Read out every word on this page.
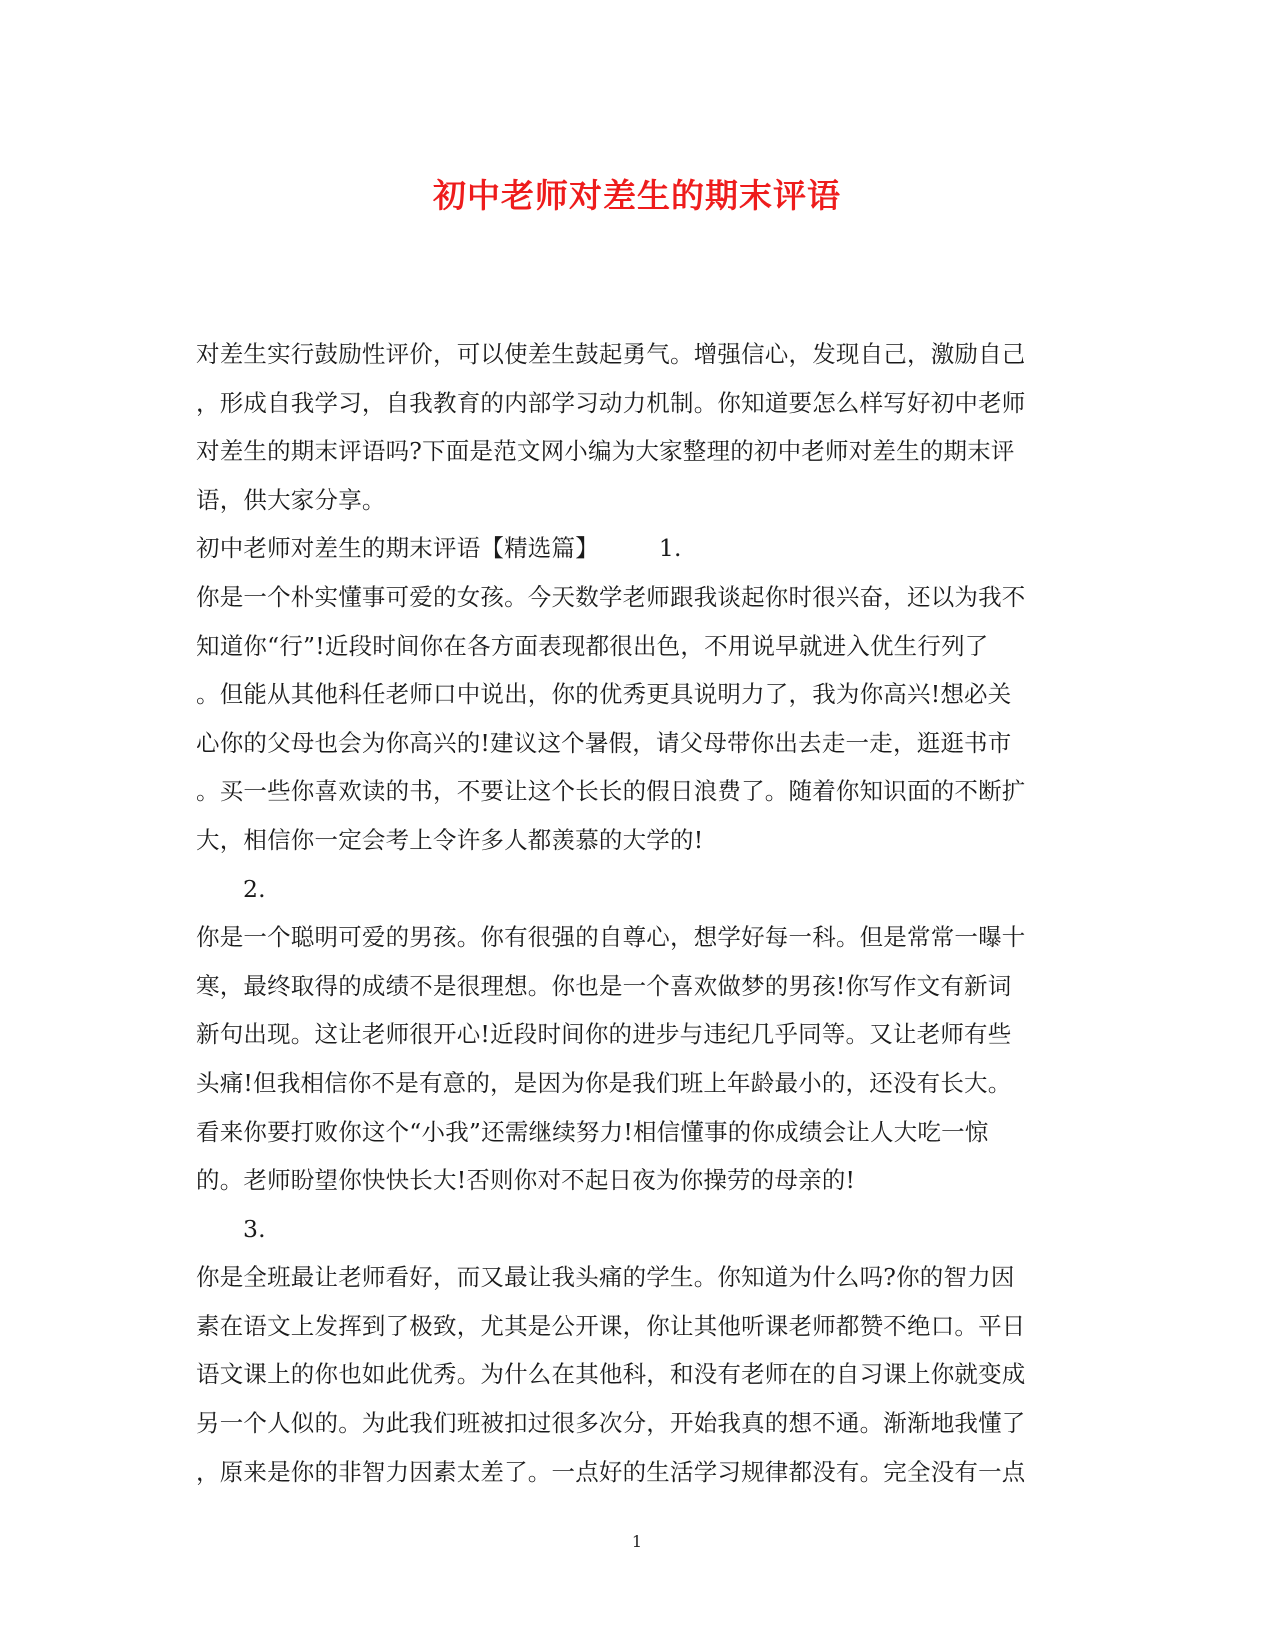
初中老师对差生的期末评语
对差生实行鼓励性评价，可以使差生鼓起勇气。增强信心，发现自己，激励自己
，形成自我学习，自我教育的内部学习动力机制。你知道要怎么样写好初中老师
对差生的期末评语吗?下面是范文网小编为大家整理的初中老师对差生的期末评
语，供大家分享。
初中老师对差生的期末评语【精选篇】	1.
你是一个朴实懂事可爱的女孩。今天数学老师跟我谈起你时很兴奋，还以为我不
知道你“行”!近段时间你在各方面表现都很出色，不用说早就进入优生行列了
。但能从其他科任老师口中说出，你的优秀更具说明力了，我为你高兴!想必关
心你的父母也会为你高兴的!建议这个暑假，请父母带你出去走一走，逛逛书市
。买一些你喜欢读的书，不要让这个长长的假日浪费了。随着你知识面的不断扩
大，相信你一定会考上令许多人都羡慕的大学的!
2.
你是一个聪明可爱的男孩。你有很强的自尊心，想学好每一科。但是常常一曝十
寒，最终取得的成绩不是很理想。你也是一个喜欢做梦的男孩!你写作文有新词
新句出现。这让老师很开心!近段时间你的进步与违纪几乎同等。又让老师有些
头痛!但我相信你不是有意的，是因为你是我们班上年龄最小的，还没有长大。
看来你要打败你这个“小我”还需继续努力!相信懂事的你成绩会让人大吃一惊
的。老师盼望你快快长大!否则你对不起日夜为你操劳的母亲的!
3.
你是全班最让老师看好，而又最让我头痛的学生。你知道为什么吗?你的智力因
素在语文上发挥到了极致，尤其是公开课，你让其他听课老师都赞不绝口。平日
语文课上的你也如此优秀。为什么在其他科，和没有老师在的自习课上你就变成
另一个人似的。为此我们班被扣过很多次分，开始我真的想不通。渐渐地我懂了
，原来是你的非智力因素太差了。一点好的生活学习规律都没有。完全没有一点
1
